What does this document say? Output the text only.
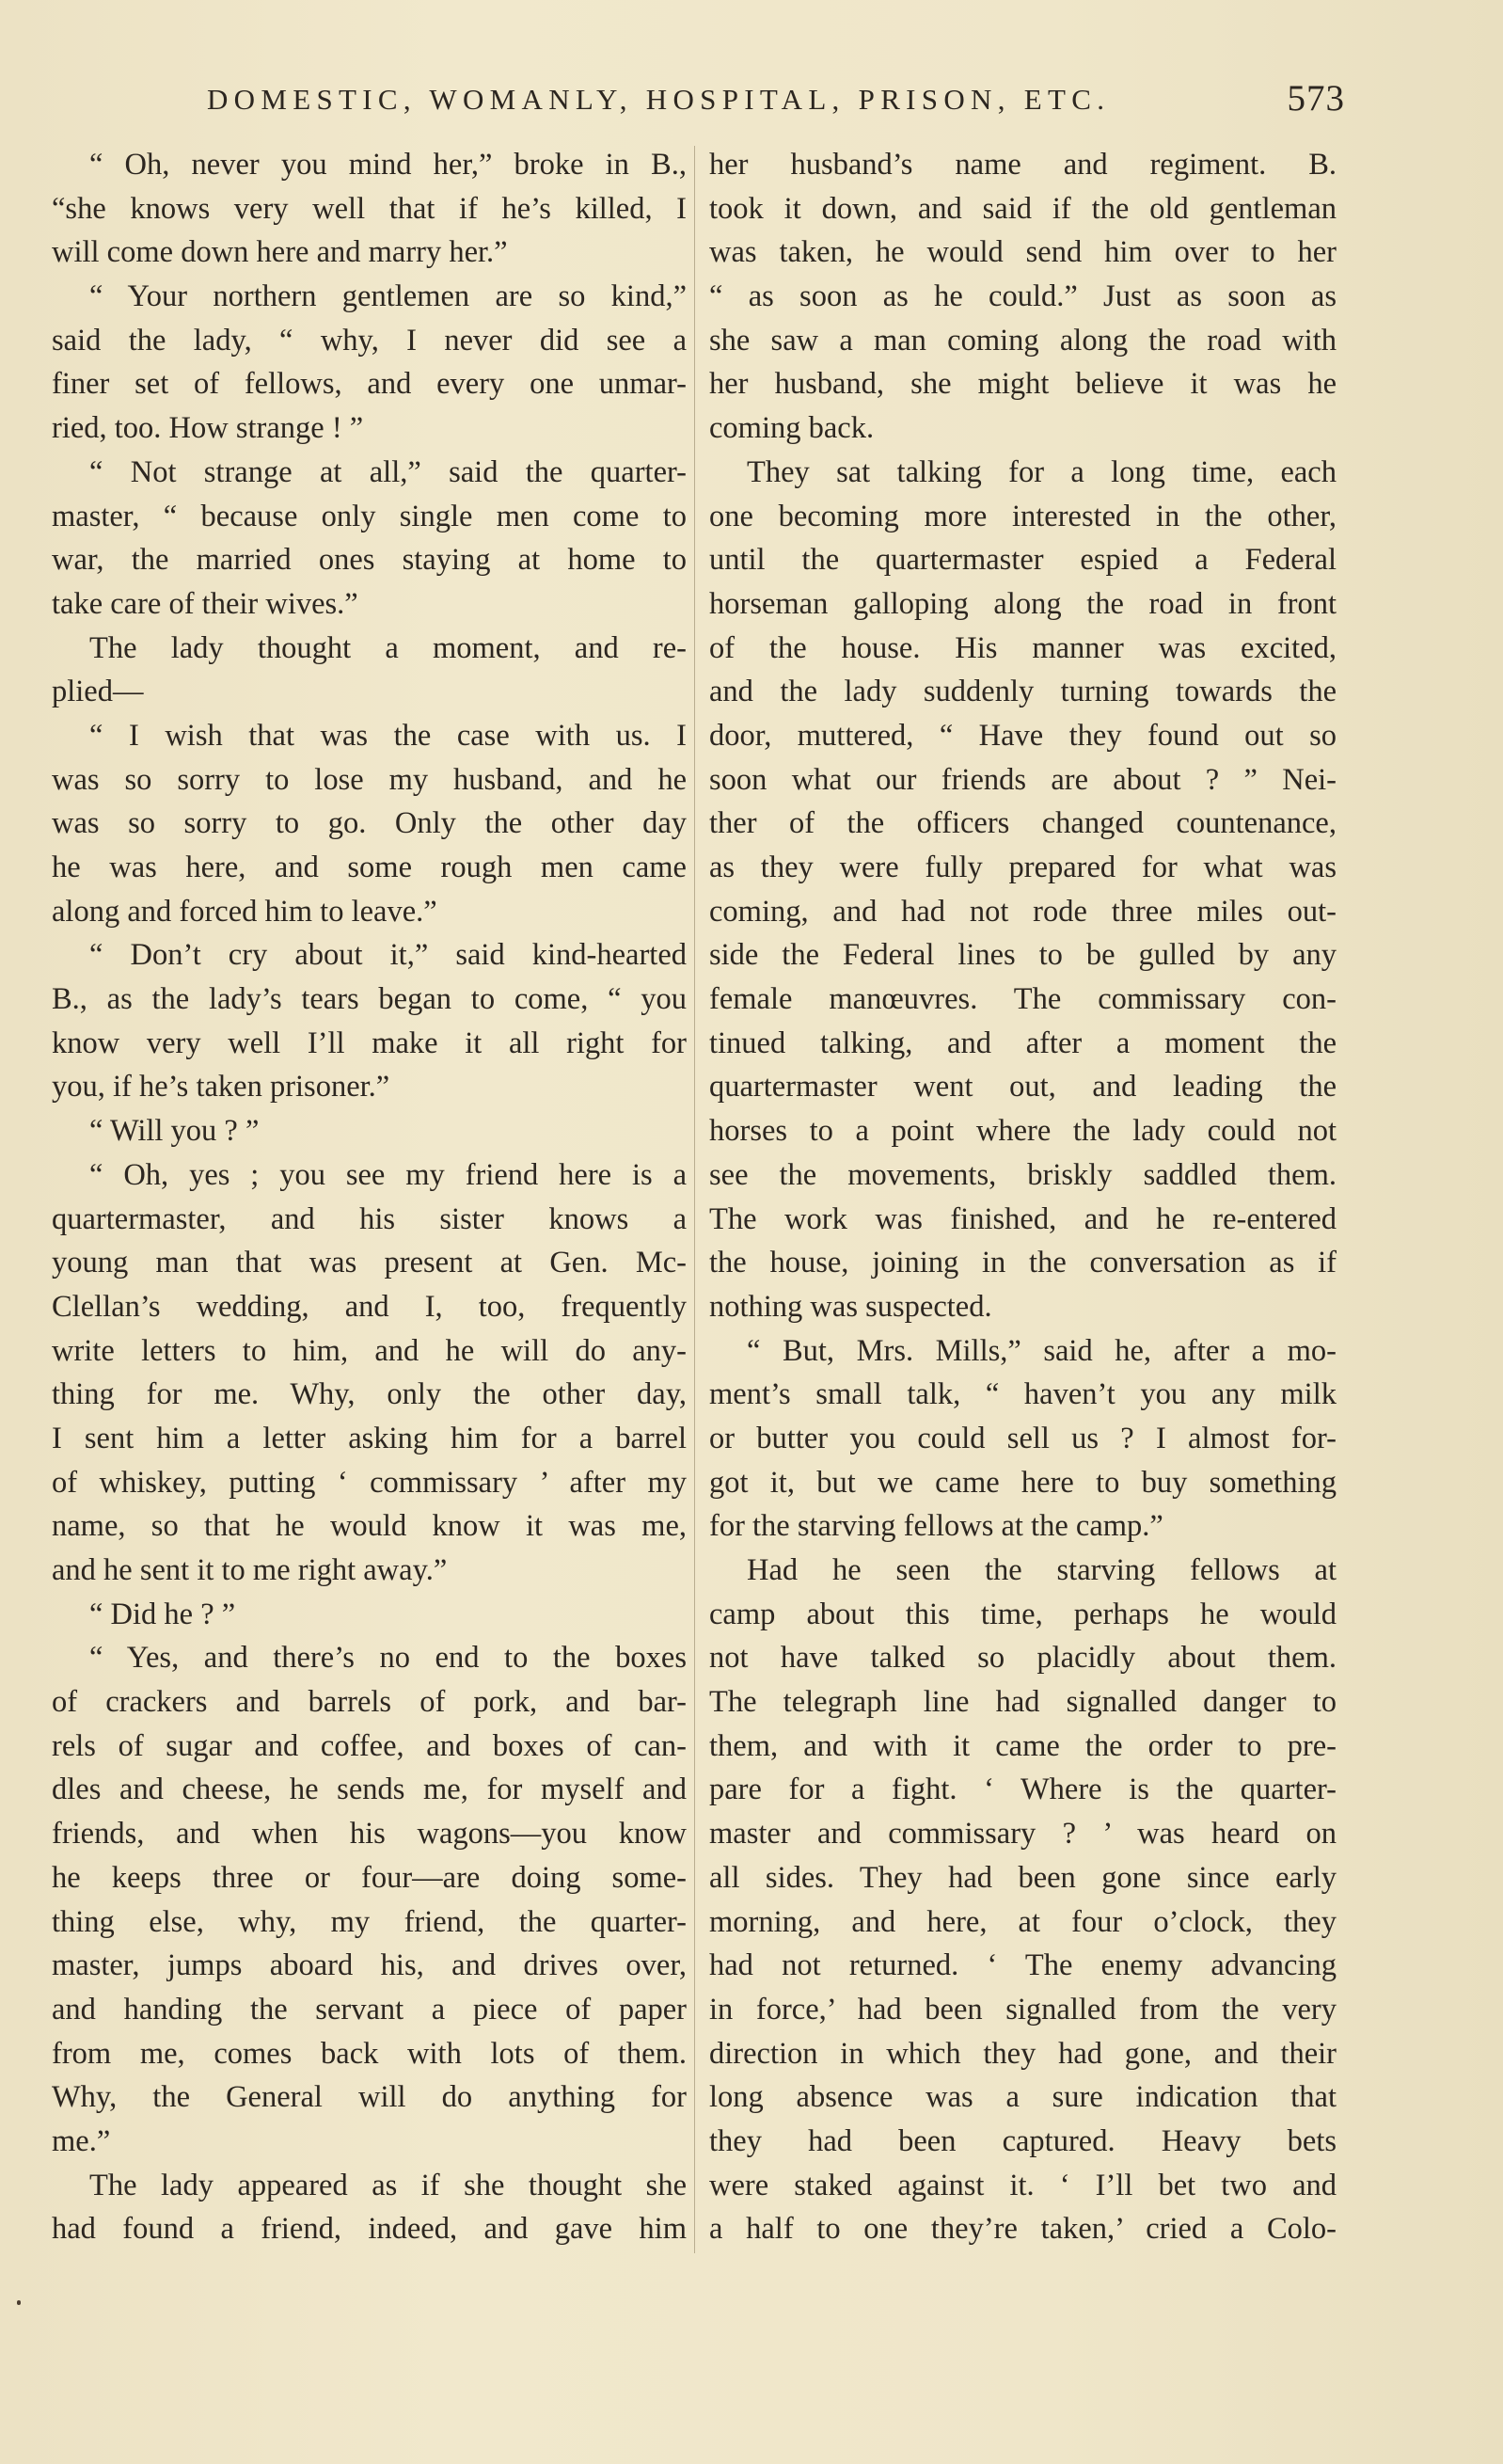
DOMESTIC, WOMANLY, HOSPITAL, PRISON, ETC.	573
“ Oh, never you mind her,” broke in B.,
“she knows very well that if he’s killed, I
will come down here and marry her.”
“ Your northern gentlemen are so kind,”
said the lady, “ why, I never did see a
finer set of fellows, and every one unmar-
ried, too. How strange ! ”
“ Not strange at all,” said the quarter-
master, “ because only single men come to
war, the married ones staying at home to
take care of their wives.”
The lady thought a moment, and re-
plied—
“ I wish that was the case with us. I
was so sorry to lose my husband, and he
was so sorry to go. Only the other day
he was here, and some rough men came
along and forced him to leave.”
“ Don’t cry about it,” said kind-hearted
B., as the lady’s tears began to come, “ you
know very well I’ll make it all right for
you, if he’s taken prisoner.”
“ Will you ? ”
“ Oh, yes ; you see my friend here is a
quartermaster, and his sister knows a
young man that was present at Gen. Mc-
Clellan’s wedding, and I, too, frequently
write letters to him, and he will do any-
thing for me. Why, only the other day,
I sent him a letter asking him for a barrel
of whiskey, putting ‘ commissary ’ after my
name, so that he would know it was me,
and he sent it to me right away.”
“ Did he ? ”
“ Yes, and there’s no end to the boxes
of crackers and barrels of pork, and bar-
rels of sugar and coffee, and boxes of can-
dles and cheese, he sends me, for myself and
friends, and when his wagons—you know
he keeps three or four—are doing some-
thing else, why, my friend, the quarter-
master, jumps aboard his, and drives over,
and handing the servant a piece of paper
from me, comes back with lots of them.
Why, the General will do anything for
me.”
The lady appeared as if she thought she
had found a friend, indeed, and gave him
her husband’s name and regiment. B.
took it down, and said if the old gentleman
was taken, he would send him over to her
“ as soon as he could.” Just as soon as
she saw a man coming along the road with
her husband, she might believe it was he
coming back.
They sat talking for a long time, each
one becoming more interested in the other,
until the quartermaster espied a Federal
horseman galloping along the road in front
of the house. His manner was excited,
and the lady suddenly turning towards the
door, muttered, “ Have they found out so
soon what our friends are about ? ” Nei-
ther of the officers changed countenance,
as they were fully prepared for what was
coming, and had not rode three miles out-
side the Federal lines to be gulled by any
female manœuvres. The commissary con-
tinued talking, and after a moment the
quartermaster went out, and leading the
horses to a point where the lady could not
see the movements, briskly saddled them.
The work was finished, and he re-entered
the house, joining in the conversation as if
nothing was suspected.
“ But, Mrs. Mills,” said he, after a mo-
ment’s small talk, “ haven’t you any milk
or butter you could sell us ? I almost for-
got it, but we came here to buy something
for the starving fellows at the camp.”
Had he seen the starving fellows at
camp about this time, perhaps he would
not have talked so placidly about them.
The telegraph line had signalled danger to
them, and with it came the order to pre-
pare for a fight. ‘ Where is the quarter-
master and commissary ? ’ was heard on
all sides. They had been gone since early
morning, and here, at four o’clock, they
had not returned. ‘ The enemy advancing
in force,’ had been signalled from the very
direction in which they had gone, and their
long absence was a sure indication that
they had been captured. Heavy bets
were staked against it. ‘ I’ll bet two and
a half to one they’re taken,’ cried a Colo-
